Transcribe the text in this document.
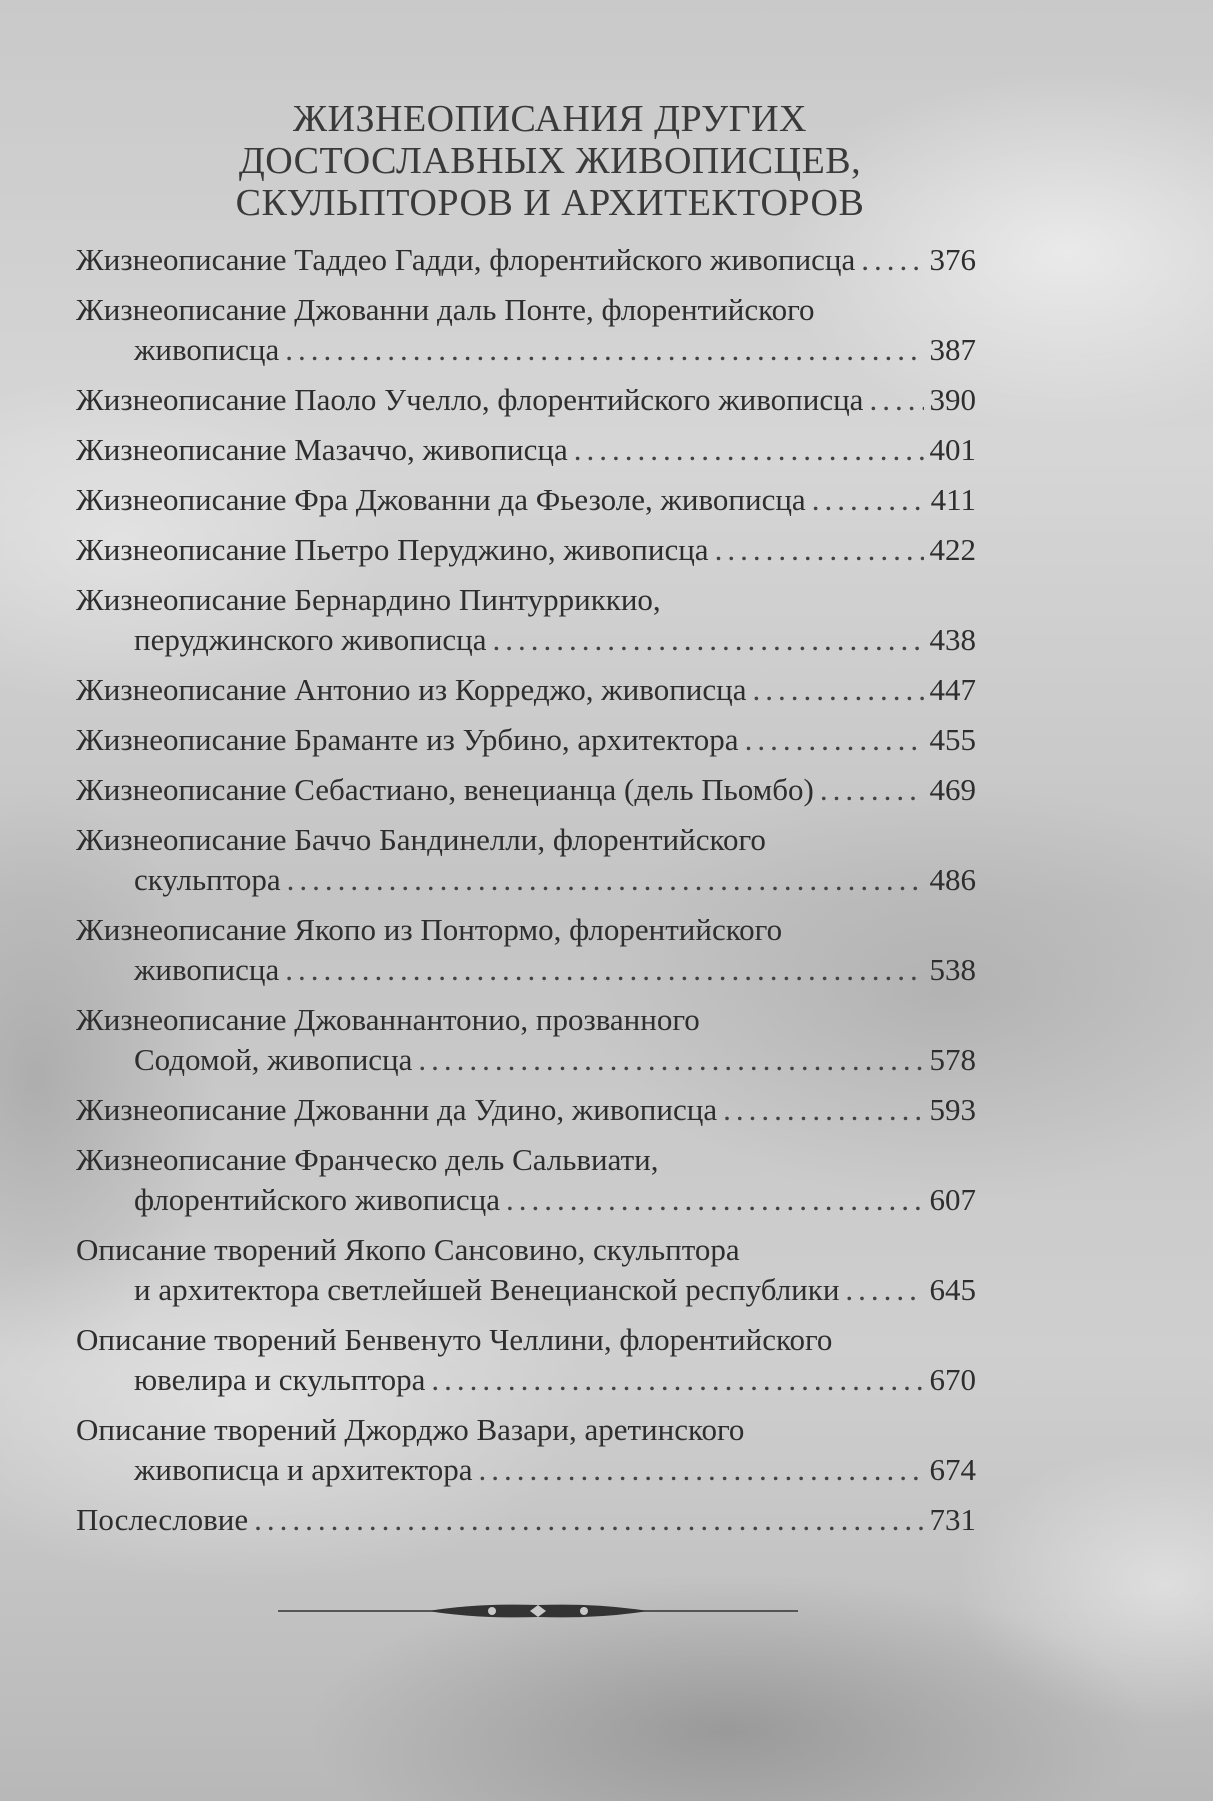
ЖИЗНЕОПИСАНИЯ ДРУГИХ
ДОСТОСЛАВНЫХ ЖИВОПИСЦЕВ,
СКУЛЬПТОРОВ И АРХИТЕКТОРОВ
Жизнеописание Таддео Гадди, флорентийского живописца ..... 376
Жизнеописание Джованни даль Понте, флорентийского
живописца .....	387
Жизнеописание Паоло Учелло, флорентийского живописца ..... 390
Жизнеописание Мазаччо, живописца .....	401
Жизнеописание Фра Джованни да Фьезоле, живописца .....	411
Жизнеописание Пьетро Перуджино, живописца .....	422
Жизнеописание Бернардино Пинтурриккио,
перуджинского живописца .....	438
Жизнеописание Антонио из Корреджо, живописца .....	447
Жизнеописание Браманте из Урбино, архитектора .....	455
Жизнеописание Себастиано, венецианца (дель Пьомбо) .....	469
Жизнеописание Баччо Бандинелли, флорентийского
скульптора .....	486
Жизнеописание Якопо из Понтормо, флорентийского
живописца .....	538
Жизнеописание Джованнантонио, прозванного
Содомой, живописца .....	578
Жизнеописание Джованни да Удино, живописца .....	593
Жизнеописание Франческо дель Сальвиати,
флорентийского живописца .....	607
Описание творений Якопо Сансовино, скульптора
и архитектора светлейшей Венецианской республики .....	645
Описание творений Бенвенуто Челлини, флорентийского
ювелира и скульптора .....	670
Описание творений Джорджо Вазари, аретинского
живописца и архитектора .....	674
Послесловие .....	731
